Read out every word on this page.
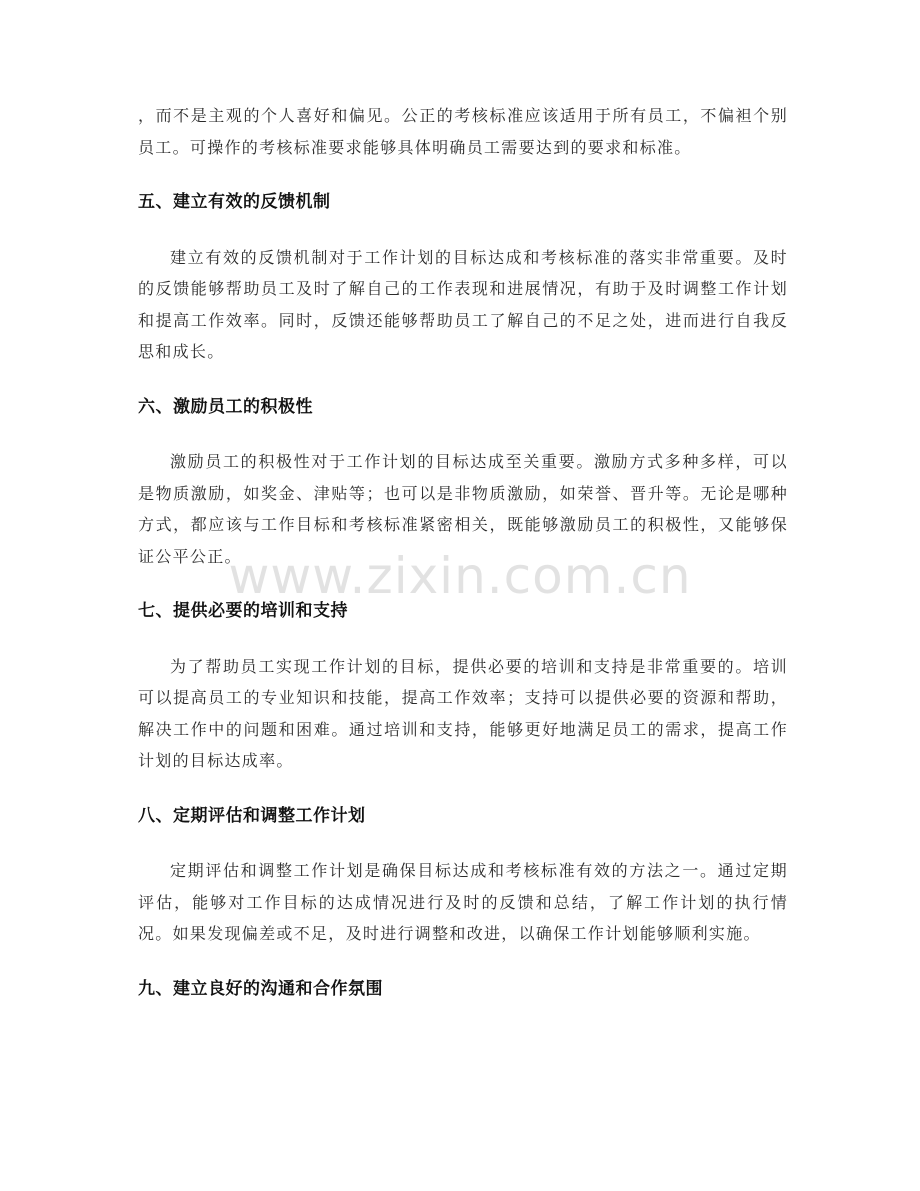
，而不是主观的个人喜好和偏见。公正的考核标准应该适用于所有员工，不偏袒个别员工。可操作的考核标准要求能够具体明确员工需要达到的要求和标准。

五、建立有效的反馈机制

建立有效的反馈机制对于工作计划的目标达成和考核标准的落实非常重要。及时的反馈能够帮助员工及时了解自己的工作表现和进展情况，有助于及时调整工作计划和提高工作效率。同时，反馈还能够帮助员工了解自己的不足之处，进而进行自我反思和成长。

六、激励员工的积极性

激励员工的积极性对于工作计划的目标达成至关重要。激励方式多种多样，可以是物质激励，如奖金、津贴等；也可以是非物质激励，如荣誉、晋升等。无论是哪种方式，都应该与工作目标和考核标准紧密相关，既能够激励员工的积极性，又能够保证公平公正。

七、提供必要的培训和支持

为了帮助员工实现工作计划的目标，提供必要的培训和支持是非常重要的。培训可以提高员工的专业知识和技能，提高工作效率；支持可以提供必要的资源和帮助，解决工作中的问题和困难。通过培训和支持，能够更好地满足员工的需求，提高工作计划的目标达成率。

八、定期评估和调整工作计划

定期评估和调整工作计划是确保目标达成和考核标准有效的方法之一。通过定期评估，能够对工作目标的达成情况进行及时的反馈和总结，了解工作计划的执行情况。如果发现偏差或不足，及时进行调整和改进，以确保工作计划能够顺利实施。

九、建立良好的沟通和合作氛围
www.zixin.com.cn
